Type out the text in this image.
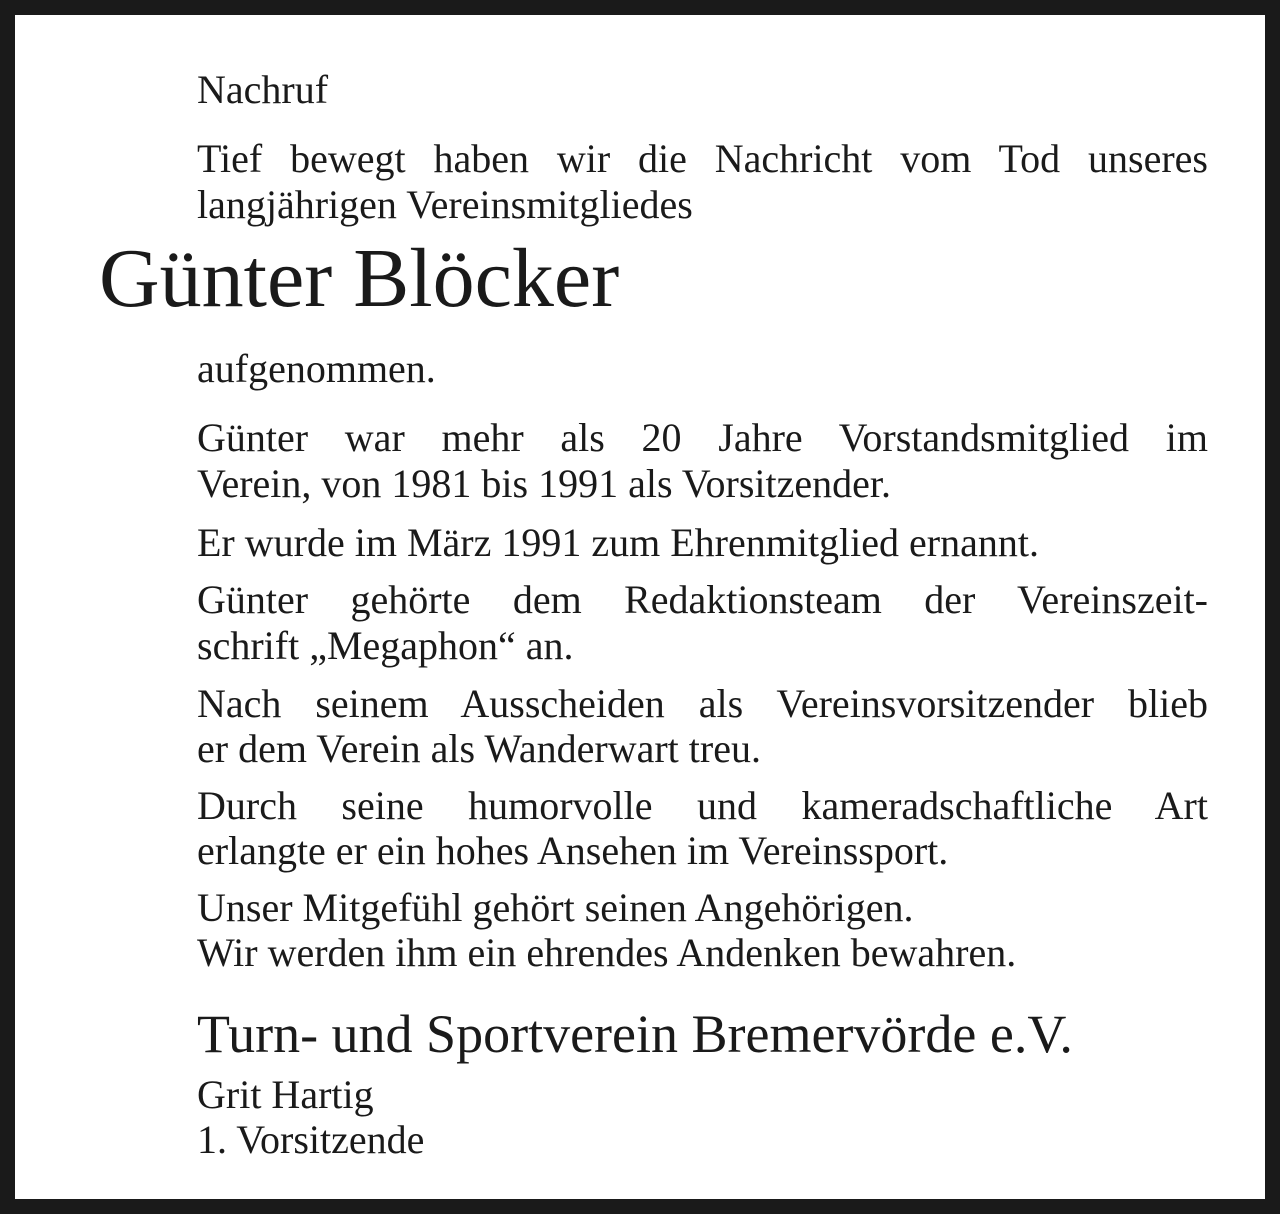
Nachruf
Tief bewegt haben wir die Nachricht vom Tod unseres
langjährigen Vereinsmitgliedes
Günter Blöcker
aufgenommen.
Günter war mehr als 20 Jahre Vorstandsmitglied im
Verein, von 1981 bis 1991 als Vorsitzender.
Er wurde im März 1991 zum Ehrenmitglied ernannt.
Günter gehörte dem Redaktionsteam der Vereinszeit-
schrift „Megaphon“ an.
Nach seinem Ausscheiden als Vereinsvorsitzender blieb
er dem Verein als Wanderwart treu.
Durch seine humorvolle und kameradschaftliche Art
erlangte er ein hohes Ansehen im Vereinssport.
Unser Mitgefühl gehört seinen Angehörigen.
Wir werden ihm ein ehrendes Andenken bewahren.
Turn- und Sportverein Bremervörde e.V.
Grit Hartig
1. Vorsitzende
